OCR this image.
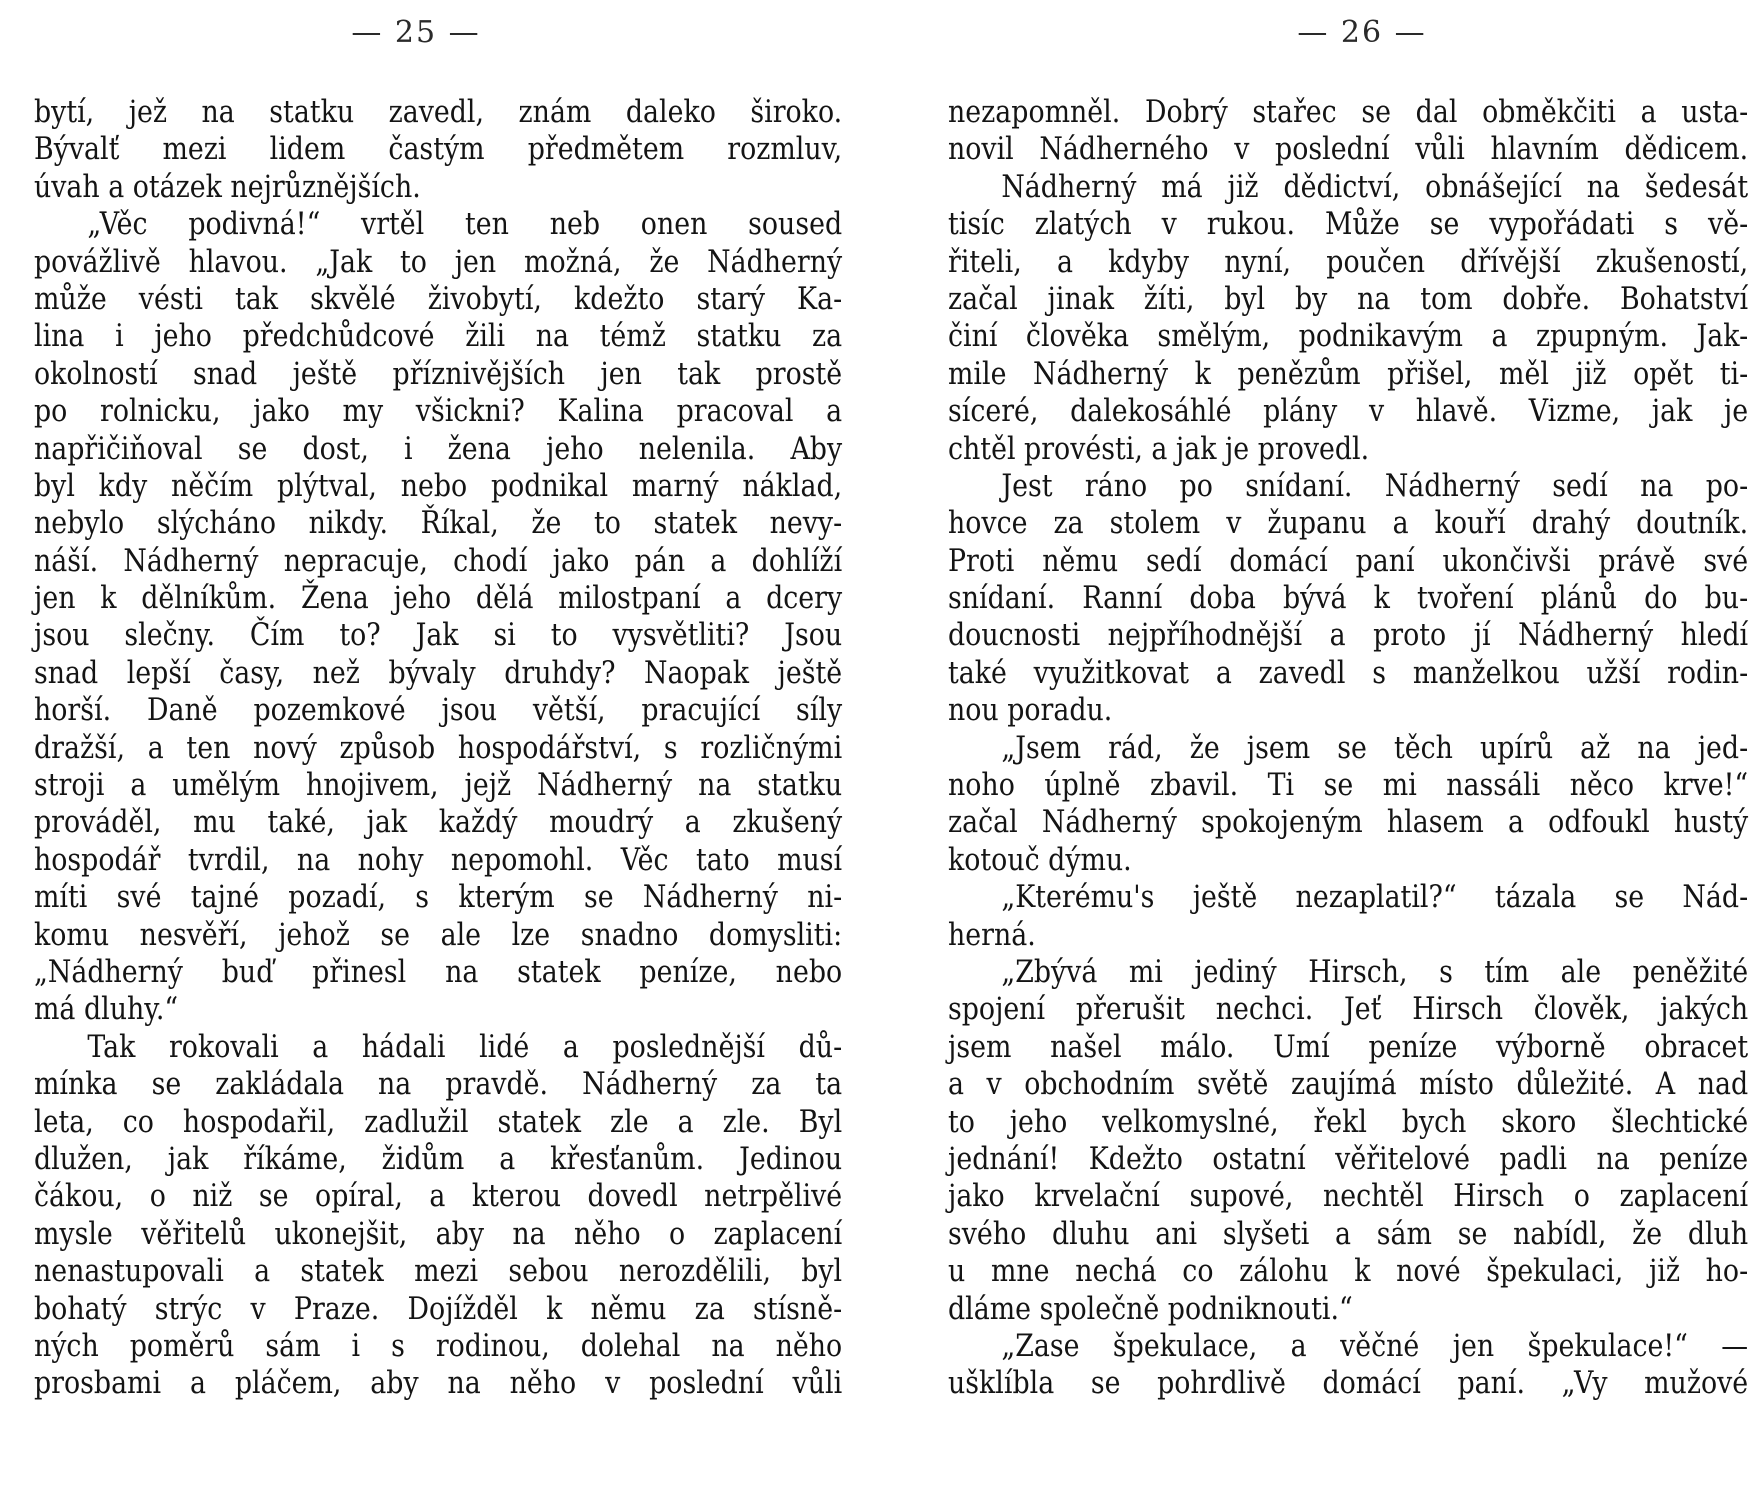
— 25 —
bytí, jež na statku zavedl, znám daleko široko.
Bývalť mezi lidem častým předmětem rozmluv,
úvah a otázek nejrůznějších.
„Věc podivná!“ vrtěl ten neb onen soused
povážlivě hlavou. „Jak to jen možná, že Nádherný
může vésti tak skvělé živobytí, kdežto starý Ka-
lina i jeho předchůdcové žili na témž statku za
okolností snad ještě příznivějších jen tak prostě
po rolnicku, jako my všickni? Kalina pracoval a
napřičiňoval se dost, i žena jeho nelenila. Aby
byl kdy něčím plýtval, nebo podnikal marný náklad,
nebylo slýcháno nikdy. Říkal, že to statek nevy-
náší. Nádherný nepracuje, chodí jako pán a dohlíží
jen k dělníkům. Žena jeho dělá milostpaní a dcery
jsou slečny. Čím to? Jak si to vysvětliti? Jsou
snad lepší časy, než bývaly druhdy? Naopak ještě
horší. Daně pozemkové jsou větší, pracující síly
dražší, a ten nový způsob hospodářství, s rozličnými
stroji a umělým hnojivem, jejž Nádherný na statku
prováděl, mu také, jak každý moudrý a zkušený
hospodář tvrdil, na nohy nepomohl. Věc tato musí
míti své tajné pozadí, s kterým se Nádherný ni-
komu nesvěří, jehož se ale lze snadno domysliti:
„Nádherný buď přinesl na statek peníze, nebo
má dluhy.“
Tak rokovali a hádali lidé a poslednější dů-
mínka se zakládala na pravdě. Nádherný za ta
leta, co hospodařil, zadlužil statek zle a zle. Byl
dlužen, jak říkáme, židům a křesťanům. Jedinou
čákou, o niž se opíral, a kterou dovedl netrpělivé
mysle věřitelů ukonejšit, aby na něho o zaplacení
nenastupovali a statek mezi sebou nerozdělili, byl
bohatý strýc v Praze. Dojížděl k němu za stísně-
ných poměrů sám i s rodinou, dolehal na něho
prosbami a pláčem, aby na něho v poslední vůli
— 26 —
nezapomněl. Dobrý stařec se dal obměkčiti a usta-
novil Nádherného v poslední vůli hlavním dědicem.
Nádherný má již dědictví, obnášející na šedesát
tisíc zlatých v rukou. Může se vypořádati s vě-
řiteli, a kdyby nyní, poučen dřívější zkušeností,
začal jinak žíti, byl by na tom dobře. Bohatství
činí člověka smělým, podnikavým a zpupným. Jak-
mile Nádherný k penězům přišel, měl již opět ti-
síceré, dalekosáhlé plány v hlavě. Vizme, jak je
chtěl provésti, a jak je provedl.
Jest ráno po snídaní. Nádherný sedí na po-
hovce za stolem v županu a kouří drahý doutník.
Proti němu sedí domácí paní ukončivši právě své
snídaní. Ranní doba bývá k tvoření plánů do bu-
doucnosti nejpříhodnější a proto jí Nádherný hledí
také využitkovat a zavedl s manželkou užší rodin-
nou poradu.
„Jsem rád, že jsem se těch upírů až na jed-
noho úplně zbavil. Ti se mi nassáli něco krve!“
začal Nádherný spokojeným hlasem a odfoukl hustý
kotouč dýmu.
„Kterému's ještě nezaplatil?“ tázala se Nád-
herná.
„Zbývá mi jediný Hirsch, s tím ale peněžité
spojení přerušit nechci. Jeť Hirsch člověk, jakých
jsem našel málo. Umí peníze výborně obracet
a v obchodním světě zaujímá místo důležité. A nad
to jeho velkomyslné, řekl bych skoro šlechtické
jednání! Kdežto ostatní věřitelové padli na peníze
jako krvelační supové, nechtěl Hirsch o zaplacení
svého dluhu ani slyšeti a sám se nabídl, že dluh
u mne nechá co zálohu k nové špekulaci, již ho-
dláme společně podniknouti.“
„Zase špekulace, a věčné jen špekulace!“ —
ušklíbla se pohrdlivě domácí paní. „Vy mužové
